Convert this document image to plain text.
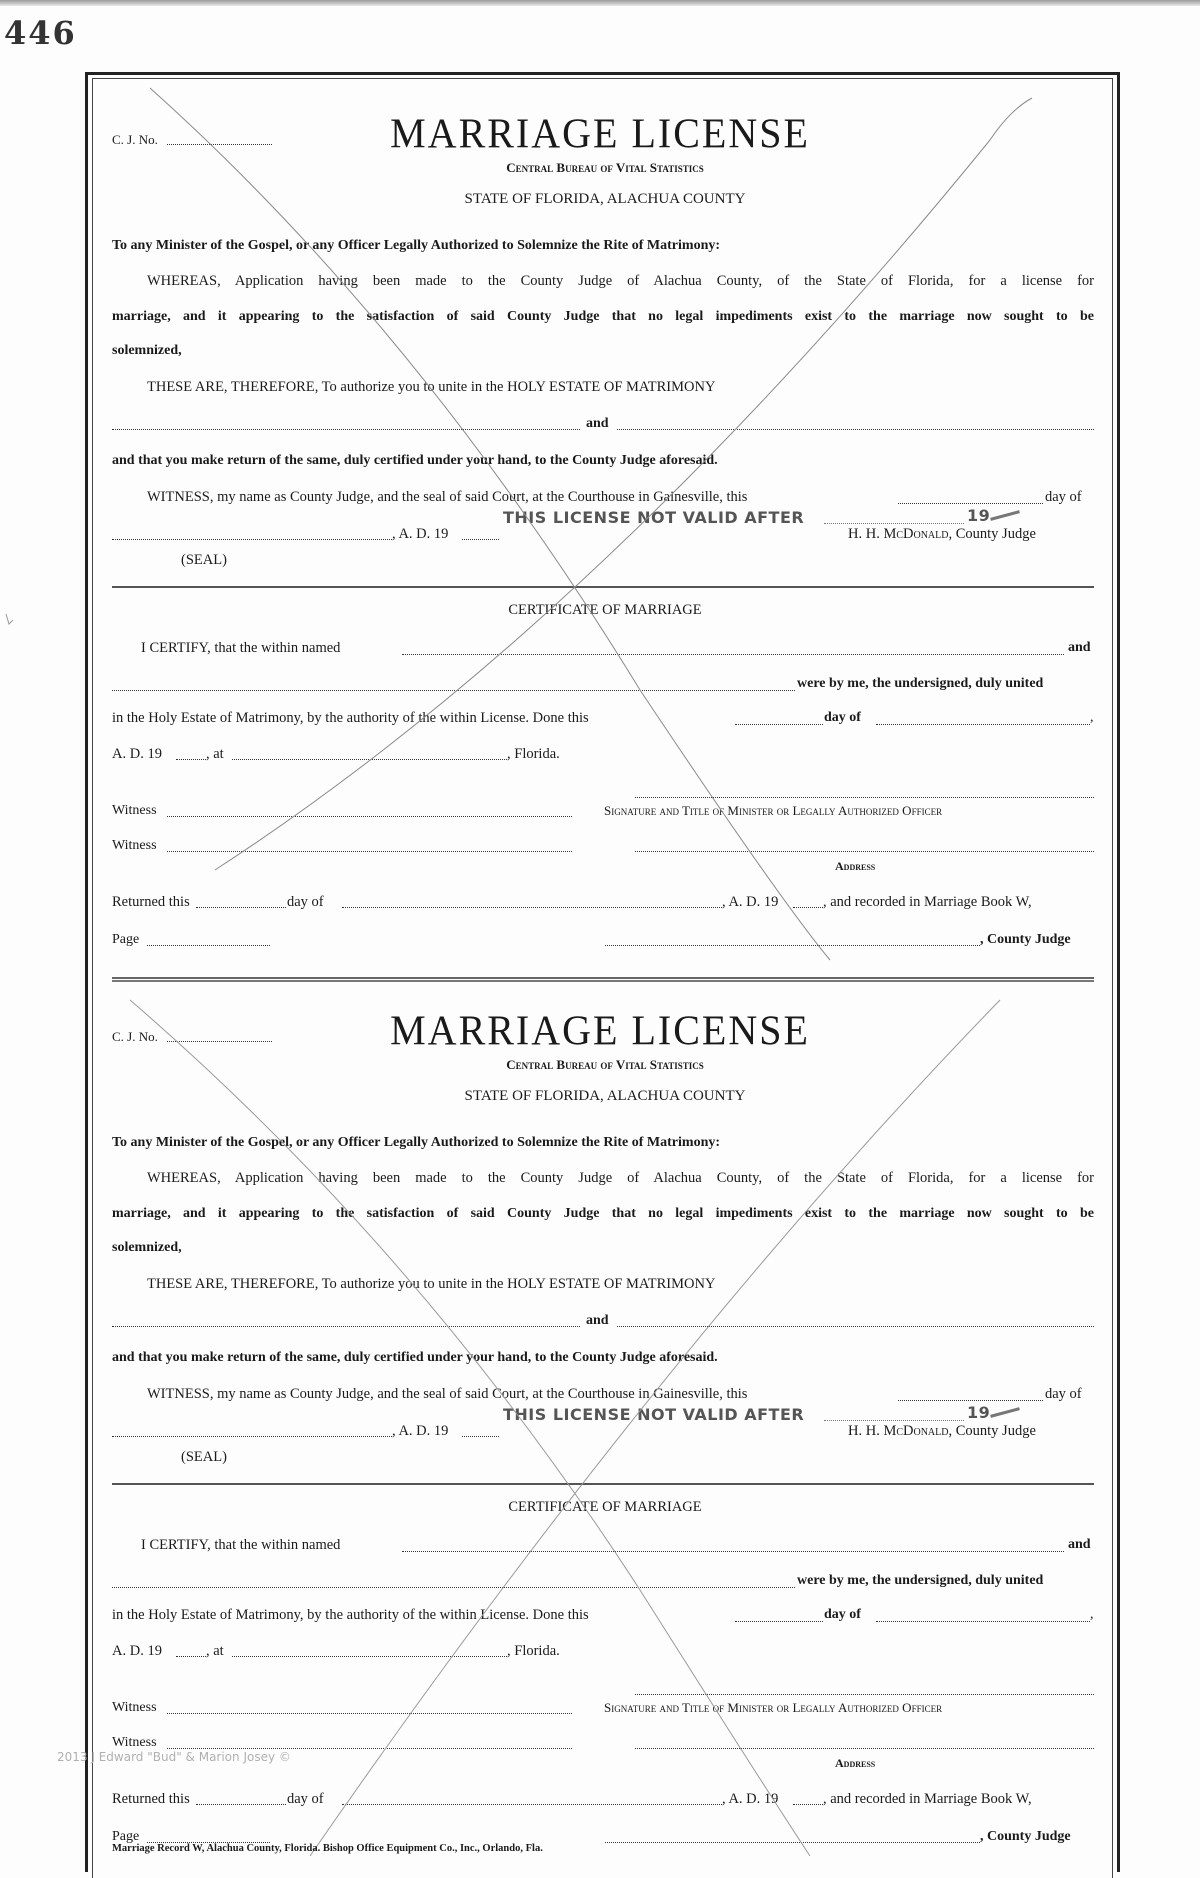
446
C. J. No.	MARRIAGE LICENSE
Central Bureau of Vital Statistics
STATE OF FLORIDA, ALACHUA COUNTY
To any Minister of the Gospel, or any Officer Legally Authorized to Solemnize the Rite of Matrimony:
WHEREAS, Application having been made to the County Judge of Alachua County, of the State of Florida, for a license for
marriage, and it appearing to the satisfaction of said County Judge that no legal impediments exist to the marriage now sought to be
solemnized,
THESE ARE, THEREFORE, To authorize you to unite in the HOLY ESTATE OF MATRIMONY
and
and that you make return of the same, duly certified under your hand, to the County Judge aforesaid.
WITNESS, my name as County Judge, and the seal of said Court, at the Courthouse in Gainesville, this	day of
THIS LICENSE NOT VALID AFTER	19
, A. D. 19	H. H. McDonald, County Judge
(SEAL)
CERTIFICATE OF MARRIAGE
I CERTIFY, that the within named	and
were by me, the undersigned, duly united
in the Holy Estate of Matrimony, by the authority of the within License. Done this	day of	,
A. D. 19	, at	, Florida.
Witness	Signature and Title of Minister or Legally Authorized Officer
Witness
Address
Returned this	day of	, A. D. 19	, and recorded in Marriage Book W,
Page	, County Judge
C. J. No.	MARRIAGE LICENSE
Central Bureau of Vital Statistics
STATE OF FLORIDA, ALACHUA COUNTY
To any Minister of the Gospel, or any Officer Legally Authorized to Solemnize the Rite of Matrimony:
WHEREAS, Application having been made to the County Judge of Alachua County, of the State of Florida, for a license for
marriage, and it appearing to the satisfaction of said County Judge that no legal impediments exist to the marriage now sought to be
solemnized,
THESE ARE, THEREFORE, To authorize you to unite in the HOLY ESTATE OF MATRIMONY
and
and that you make return of the same, duly certified under your hand, to the County Judge aforesaid.
WITNESS, my name as County Judge, and the seal of said Court, at the Courthouse in Gainesville, this	day of
THIS LICENSE NOT VALID AFTER	19
, A. D. 19	H. H. McDonald, County Judge
(SEAL)
CERTIFICATE OF MARRIAGE
I CERTIFY, that the within named	and
were by me, the undersigned, duly united
in the Holy Estate of Matrimony, by the authority of the within License. Done this	day of	,
A. D. 19	, at	, Florida.
Witness	Signature and Title of Minister or Legally Authorized Officer
Witness
Address
Returned this	day of	, A. D. 19	, and recorded in Marriage Book W,
Page	, County Judge
2013 J Edward "Bud" & Marion Josey ©
Marriage Record W, Alachua County, Florida. Bishop Office Equipment Co., Inc., Orlando, Fla.
